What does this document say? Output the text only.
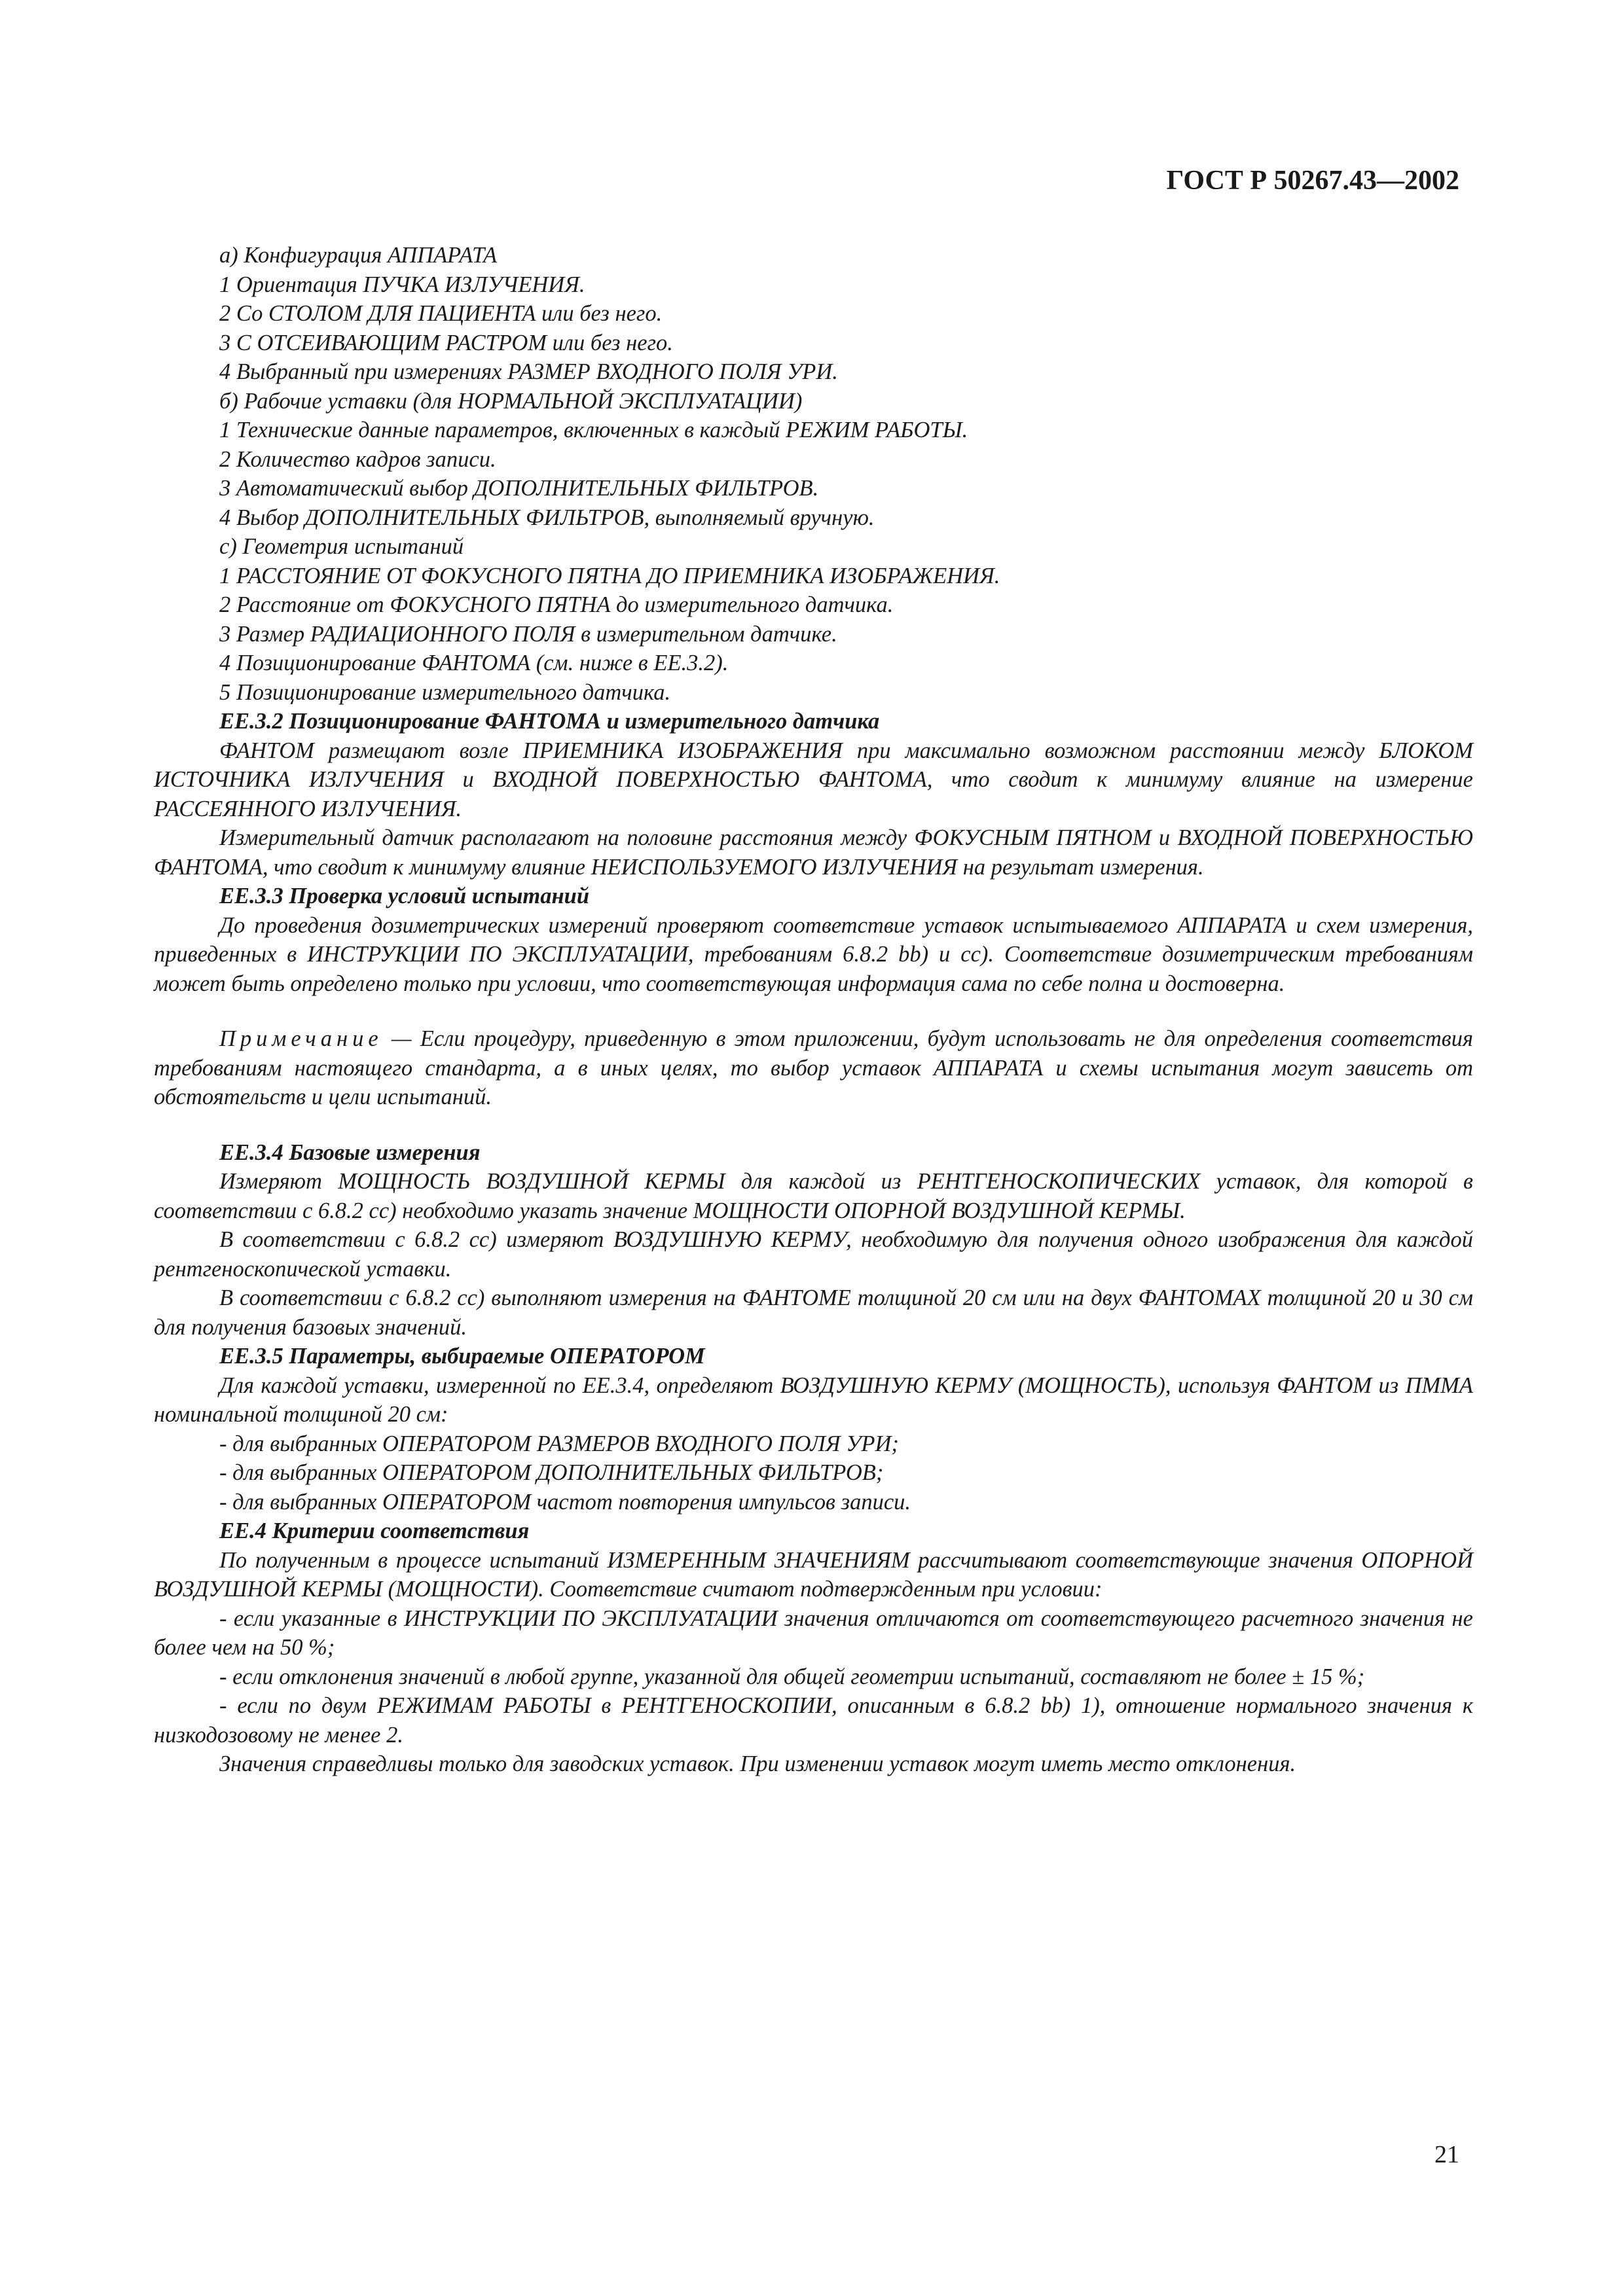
ГОСТ Р 50267.43—2002

а) Конфигурация АППАРАТА

1 Ориентация ПУЧКА ИЗЛУЧЕНИЯ.

2 Со СТОЛОМ ДЛЯ ПАЦИЕНТА или без него.

3 С ОТСЕИВАЮЩИМ РАСТРОМ или без него.

4 Выбранный при измерениях РАЗМЕР ВХОДНОГО ПОЛЯ УРИ.

б) Рабочие уставки (для НОРМАЛЬНОЙ ЭКСПЛУАТАЦИИ)

1 Технические данные параметров, включенных в каждый РЕЖИМ РАБОТЫ.

2 Количество кадров записи.

3 Автоматический выбор ДОПОЛНИТЕЛЬНЫХ ФИЛЬТРОВ.

4 Выбор ДОПОЛНИТЕЛЬНЫХ ФИЛЬТРОВ, выполняемый вручную.

с) Геометрия испытаний

1 РАССТОЯНИЕ ОТ ФОКУСНОГО ПЯТНА ДО ПРИЕМНИКА ИЗОБРАЖЕНИЯ.

2 Расстояние от ФОКУСНОГО ПЯТНА до измерительного датчика.

3 Размер РАДИАЦИОННОГО ПОЛЯ в измерительном датчике.

4 Позиционирование ФАНТОМА (см. ниже в ЕЕ.3.2).

5 Позиционирование измерительного датчика.

ЕЕ.3.2 Позиционирование ФАНТОМА и измерительного датчика

ФАНТОМ размещают возле ПРИЕМНИКА ИЗОБРАЖЕНИЯ при максимально возможном расстоянии между БЛОКОМ ИСТОЧНИКА ИЗЛУЧЕНИЯ и ВХОДНОЙ ПОВЕРХНОСТЬЮ ФАНТОМА, что сводит к минимуму влияние на измерение РАССЕЯННОГО ИЗЛУЧЕНИЯ.

Измерительный датчик располагают на половине расстояния между ФОКУСНЫМ ПЯТНОМ и ВХОДНОЙ ПОВЕРХНОСТЬЮ ФАНТОМА, что сводит к минимуму влияние НЕИСПОЛЬЗУЕМОГО ИЗЛУЧЕНИЯ на результат измерения.

ЕЕ.3.3 Проверка условий испытаний

До проведения дозиметрических измерений проверяют соответствие уставок испытываемого АППАРАТА и схем измерения, приведенных в ИНСТРУКЦИИ ПО ЭКСПЛУАТАЦИИ, требованиям 6.8.2 bb) и cc). Соответствие дозиметрическим требованиям может быть определено только при условии, что соответствующая информация сама по себе полна и достоверна.

Примечание — Если процедуру, приведенную в этом приложении, будут использовать не для определения соответствия требованиям настоящего стандарта, а в иных целях, то выбор уставок АППАРАТА и схемы испытания могут зависеть от обстоятельств и цели испытаний.

ЕЕ.3.4 Базовые измерения

Измеряют МОЩНОСТЬ ВОЗДУШНОЙ КЕРМЫ для каждой из РЕНТГЕНОСКОПИЧЕСКИХ уставок, для которой в соответствии с 6.8.2 cc) необходимо указать значение МОЩНОСТИ ОПОРНОЙ ВОЗДУШНОЙ КЕРМЫ.

В соответствии с 6.8.2 cc) измеряют ВОЗДУШНУЮ КЕРМУ, необходимую для получения одного изображения для каждой рентгеноскопической уставки.

В соответствии с 6.8.2 cc) выполняют измерения на ФАНТОМЕ толщиной 20 см или на двух ФАНТОМАХ толщиной 20 и 30 см для получения базовых значений.

ЕЕ.3.5 Параметры, выбираемые ОПЕРАТОРОМ

Для каждой уставки, измеренной по ЕЕ.3.4, определяют ВОЗДУШНУЮ КЕРМУ (МОЩНОСТЬ), используя ФАНТОМ из ПММА номинальной толщиной 20 см:

- для выбранных ОПЕРАТОРОМ РАЗМЕРОВ ВХОДНОГО ПОЛЯ УРИ;

- для выбранных ОПЕРАТОРОМ ДОПОЛНИТЕЛЬНЫХ ФИЛЬТРОВ;

- для выбранных ОПЕРАТОРОМ частот повторения импульсов записи.

ЕЕ.4 Критерии соответствия

По полученным в процессе испытаний ИЗМЕРЕННЫМ ЗНАЧЕНИЯМ рассчитывают соответствующие значения ОПОРНОЙ ВОЗДУШНОЙ КЕРМЫ (МОЩНОСТИ). Соответствие считают подтвержденным при условии:

- если указанные в ИНСТРУКЦИИ ПО ЭКСПЛУАТАЦИИ значения отличаются от соответствующего расчетного значения не более чем на 50 %;

- если отклонения значений в любой группе, указанной для общей геометрии испытаний, составляют не более ± 15 %;

- если по двум РЕЖИМАМ РАБОТЫ в РЕНТГЕНОСКОПИИ, описанным в 6.8.2 bb) 1), отношение нормального значения к низкодозовому не менее 2.

Значения справедливы только для заводских уставок. При изменении уставок могут иметь место отклонения.

21
